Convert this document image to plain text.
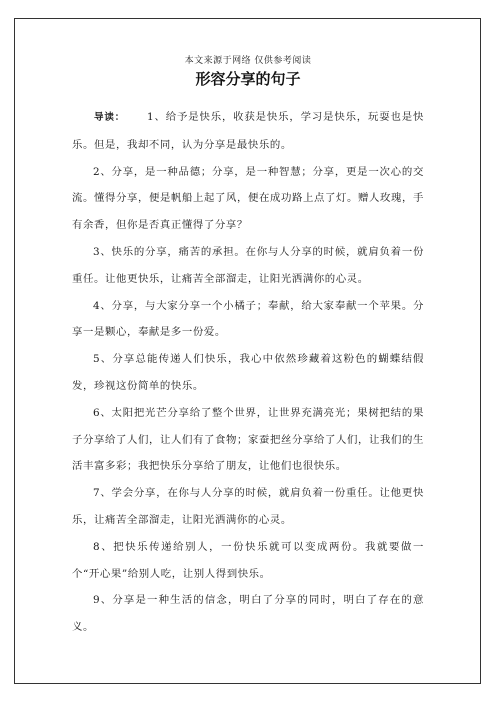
本文来源于网络 仅供参考阅读
形容分享的句子

导读： 1、给予是快乐，收获是快乐，学习是快乐，玩耍也是快乐。但是，我却不同，认为分享是最快乐的。

2、分享，是一种品德；分享，是一种智慧；分享，更是一次心的交流。懂得分享，便是帆船上起了风，便在成功路上点了灯。赠人玫瑰，手有余香，但你是否真正懂得了分享？

3、快乐的分享，痛苦的承担。在你与人分享的时候，就肩负着一份重任。让他更快乐，让痛苦全部溜走，让阳光洒满你的心灵。

4、分享，与大家分享一个小橘子；奉献，给大家奉献一个苹果。分享一是颗心，奉献是多一份爱。

5、分享总能传递人们快乐，我心中依然珍藏着这粉色的蝴蝶结假发，珍视这份简单的快乐。

6、太阳把光芒分享给了整个世界，让世界充满亮光；果树把结的果子分享给了人们，让人们有了食物；家蚕把丝分享给了人们，让我们的生活丰富多彩；我把快乐分享给了朋友，让他们也很快乐。

7、学会分享，在你与人分享的时候，就肩负着一份重任。让他更快乐，让痛苦全部溜走，让阳光洒满你的心灵。

8、把快乐传递给别人，一份快乐就可以变成两份。我就要做一个“开心果”给别人吃，让别人得到快乐。

9、分享是一种生活的信念，明白了分享的同时，明白了存在的意义。
